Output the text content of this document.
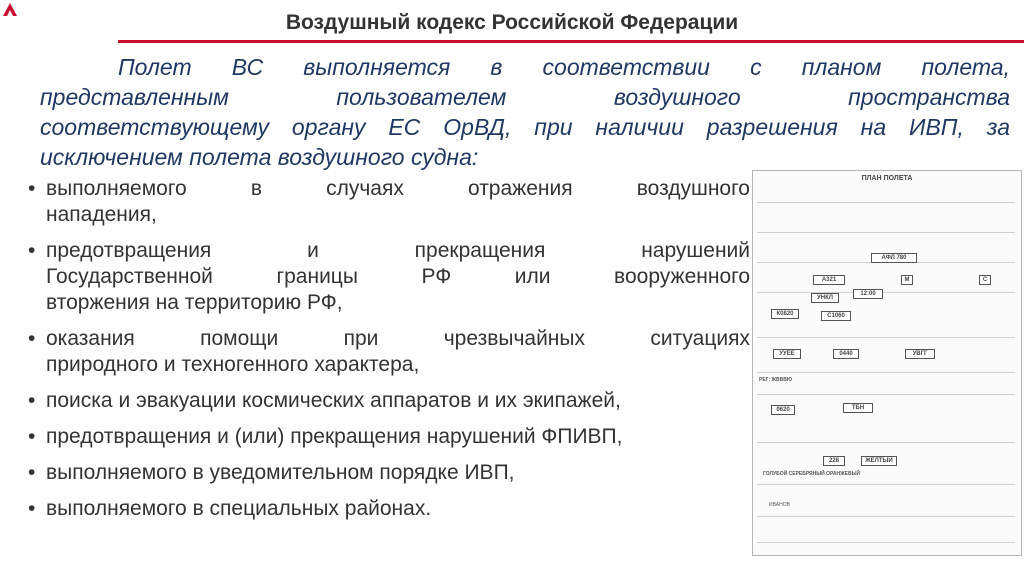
Воздушный кодекс Российской Федерации
Полет ВС выполняется в соответствии с планом полета,
представленным пользователем воздушного пространства
соответствующему органу ЕС ОрВД, при наличии разрешения на ИВП, за
исключением полета воздушного судна:
• выполняемого в случаях отражения воздушного
нападения,
• предотвращения и прекращения нарушений
Государственной границы РФ или вооруженного
вторжения на территорию РФ,
• оказания помощи при чрезвычайных ситуациях
природного и техногенного характера,
• поиска и эвакуации космических аппаратов и их экипажей,
• предотвращения и (или) прекращения нарушений ФПИВП,
• выполняемого в уведомительном порядке ИВП,
• выполняемого в специальных районах.
ПЛАН ПОЛЕТА
АФЛ 780
А321	М	С
УНКЛ
12:00
К0820	С1060
УУЕЕ	0440	УВГГ
РЕГ: ЖВВВЮ
0620	ТБН
228	ЖЕЛТЫЙ
ГОЛУБОЙ СЕРЕБРЯНЫЙ ОРАНЖЕВЫЙ
ИВАНОВ
